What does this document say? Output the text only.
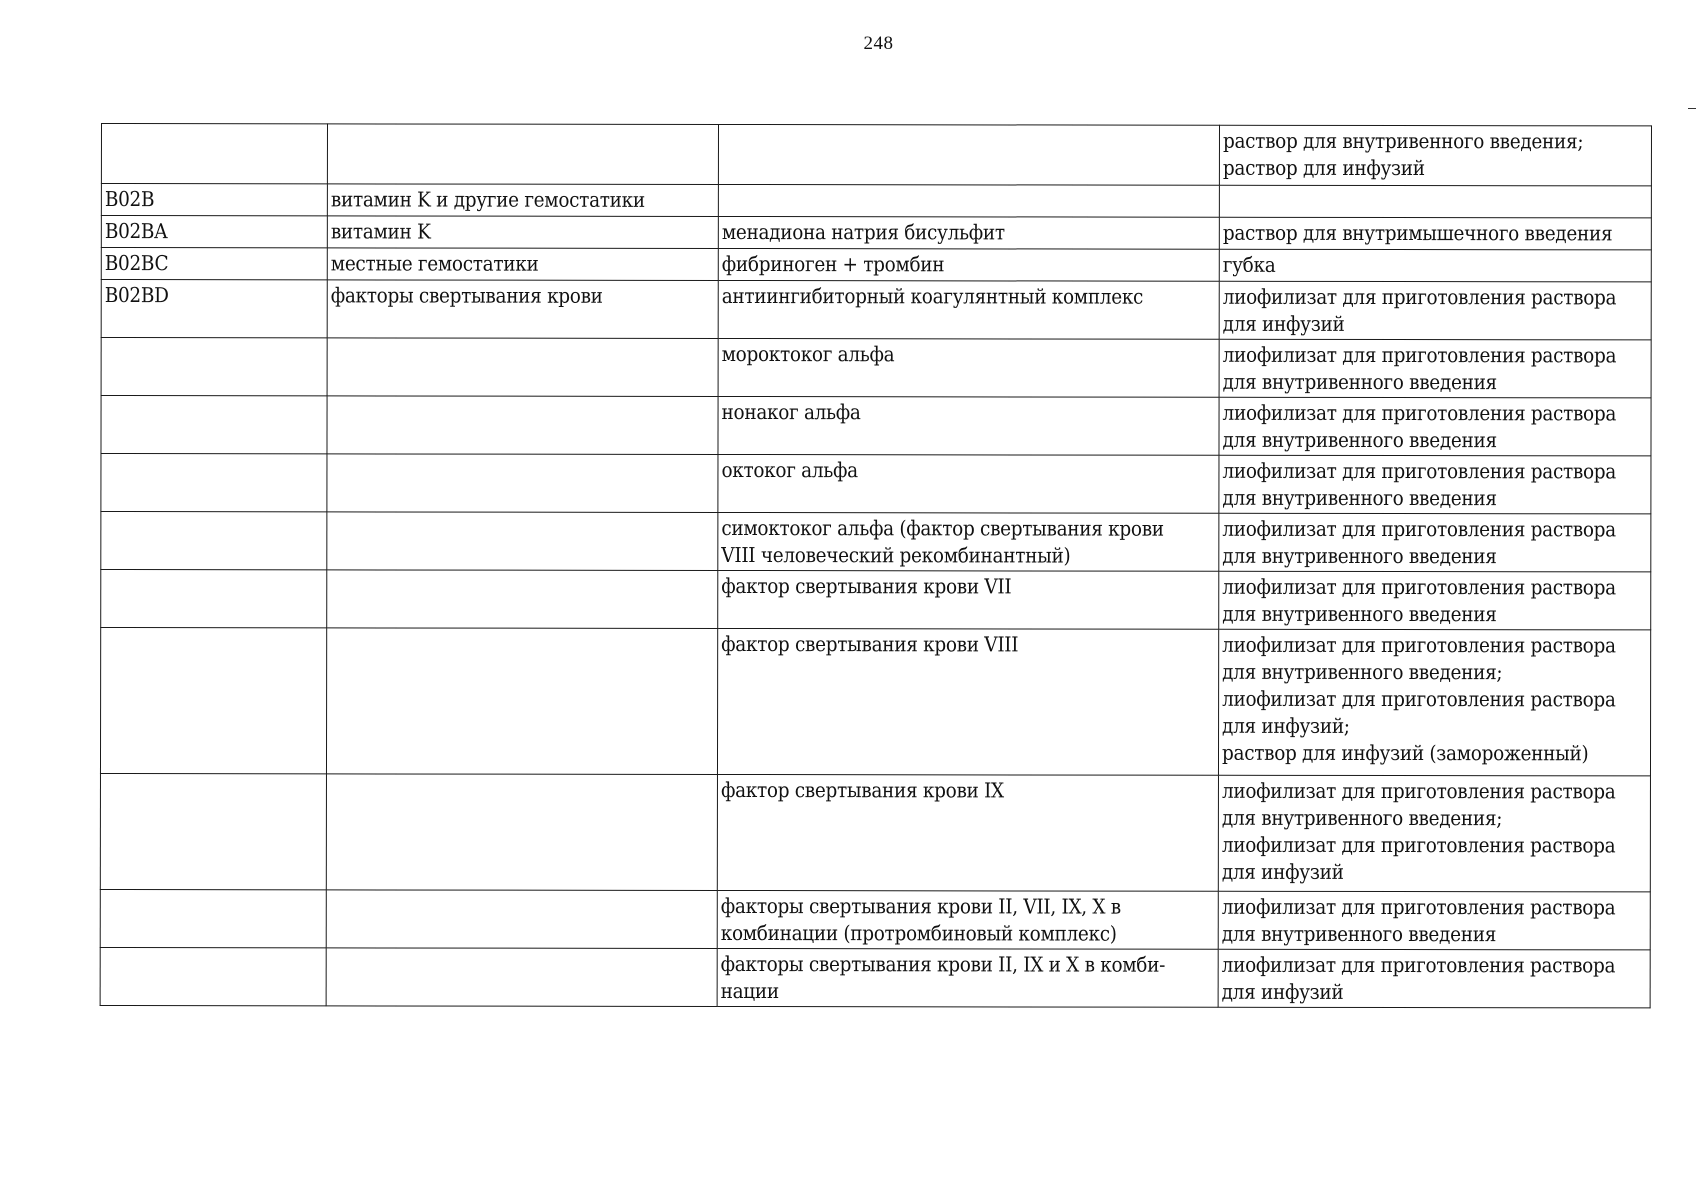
248

			раствор для внутривенного введения;
раствор для инфузий

B02B	витамин K и другие гемостатики		
B02BA	витамин K	менадиона натрия бисульфит	раствор для внутримышечного введения

B02BC	местные гемостатики	фибриноген + тромбин	губка

B02BD	факторы свертывания крови	антиингибиторный коагулянтный комплекс	лиофилизат для приготовления раствора
для инфузий

		мороктоког альфа	лиофилизат для приготовления раствора
для внутривенного введения

		нонаког альфа	лиофилизат для приготовления раствора
для внутривенного введения

		октоког альфа	лиофилизат для приготовления раствора
для внутривенного введения

		симоктоког альфа (фактор свертывания крови
VIII человеческий рекомбинантный)	лиофилизат для приготовления раствора
для внутривенного введения

		фактор свертывания крови VII	лиофилизат для приготовления раствора
для внутривенного введения

		фактор свертывания крови VIII	лиофилизат для приготовления раствора
для внутривенного введения;
лиофилизат для приготовления раствора
для инфузий;
раствор для инфузий (замороженный)

		фактор свертывания крови IX	лиофилизат для приготовления раствора
для внутривенного введения;
лиофилизат для приготовления раствора
для инфузий

		факторы свертывания крови II, VII, IX, X в
комбинации (протромбиновый комплекс)	лиофилизат для приготовления раствора
для внутривенного введения

		факторы свертывания крови II, IX и X в комби-
нации	лиофилизат для приготовления раствора
для инфузий
